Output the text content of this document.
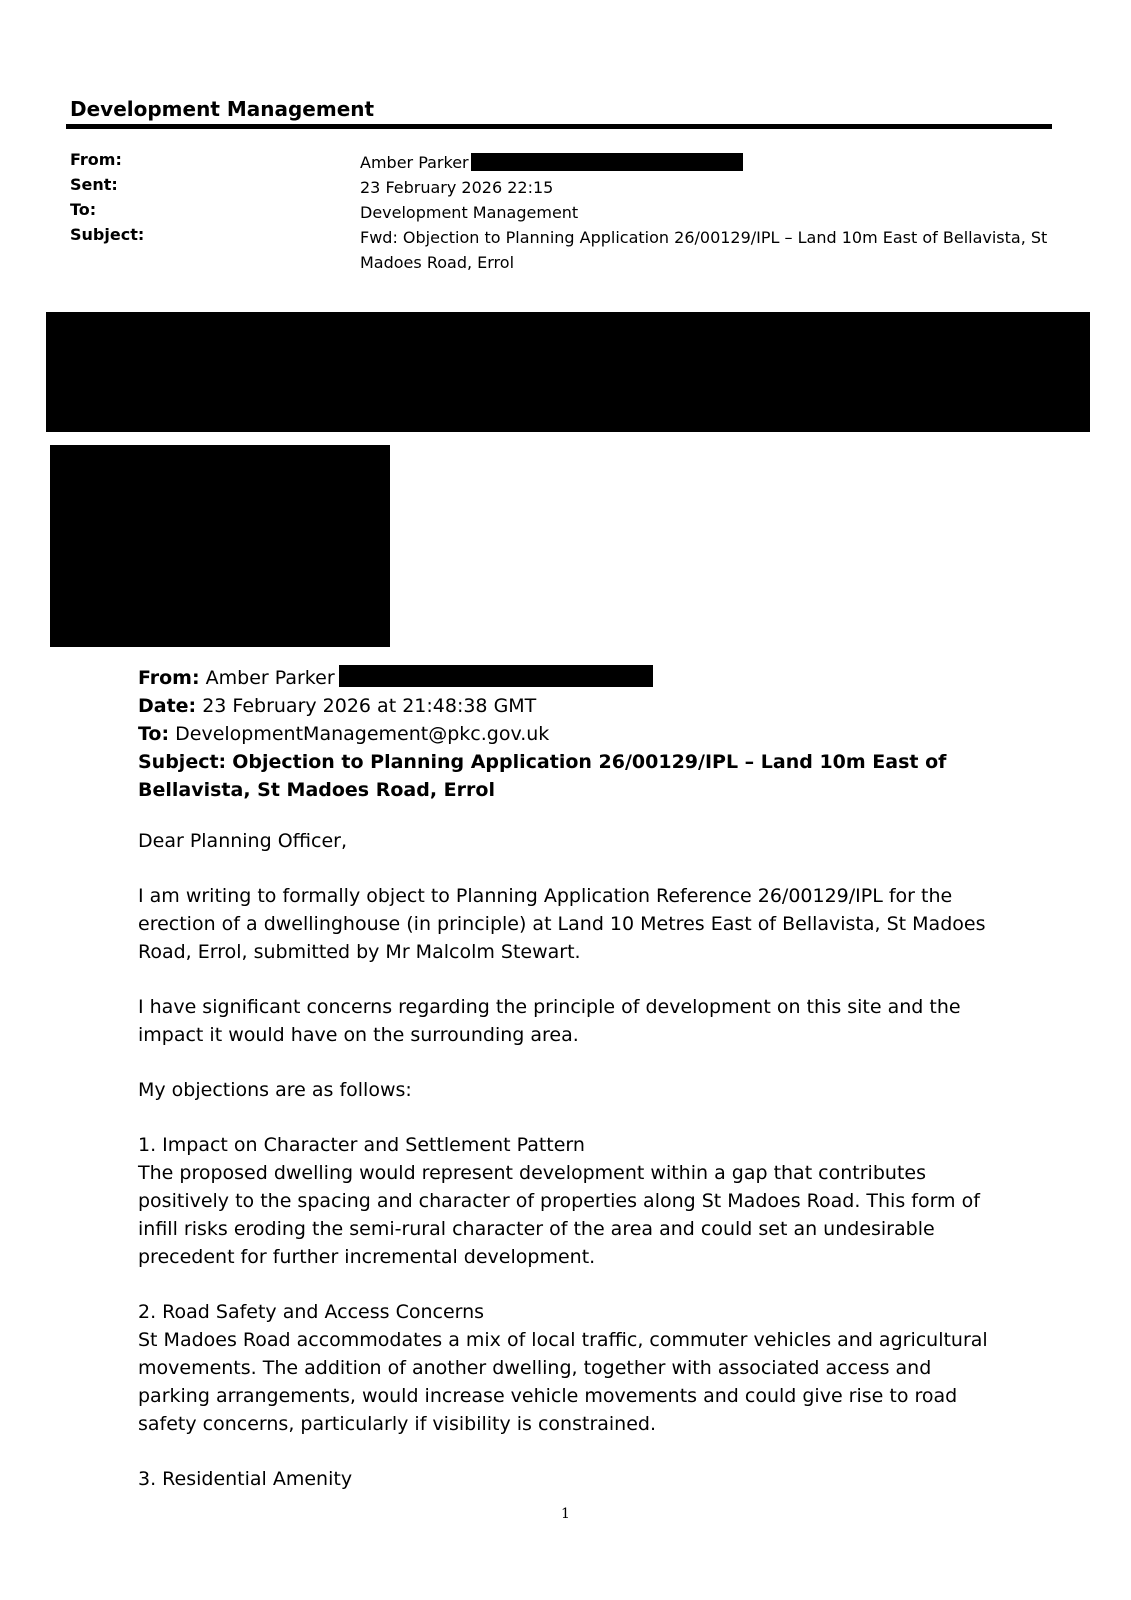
Development Management
From:	Amber Parker
Sent:	23 February 2026 22:15
To:	Development Management
Subject:	Fwd: Objection to Planning Application 26/00129/IPL – Land 10m East of Bellavista, St Madoes Road, Errol
From: Amber Parker
Date: 23 February 2026 at 21:48:38 GMT
To: DevelopmentManagement@pkc.gov.uk
Subject: Objection to Planning Application 26/00129/IPL – Land 10m East of Bellavista, St Madoes Road, Errol

Dear Planning Officer,

I am writing to formally object to Planning Application Reference 26/00129/IPL for the erection of a dwellinghouse (in principle) at Land 10 Metres East of Bellavista, St Madoes Road, Errol, submitted by Mr Malcolm Stewart.

I have significant concerns regarding the principle of development on this site and the impact it would have on the surrounding area.

My objections are as follows:

1. Impact on Character and Settlement Pattern

The proposed dwelling would represent development within a gap that contributes positively to the spacing and character of properties along St Madoes Road. This form of infill risks eroding the semi-rural character of the area and could set an undesirable precedent for further incremental development.

2. Road Safety and Access Concerns

St Madoes Road accommodates a mix of local traffic, commuter vehicles and agricultural movements. The addition of another dwelling, together with associated access and parking arrangements, would increase vehicle movements and could give rise to road safety concerns, particularly if visibility is constrained.

3. Residential Amenity

1
